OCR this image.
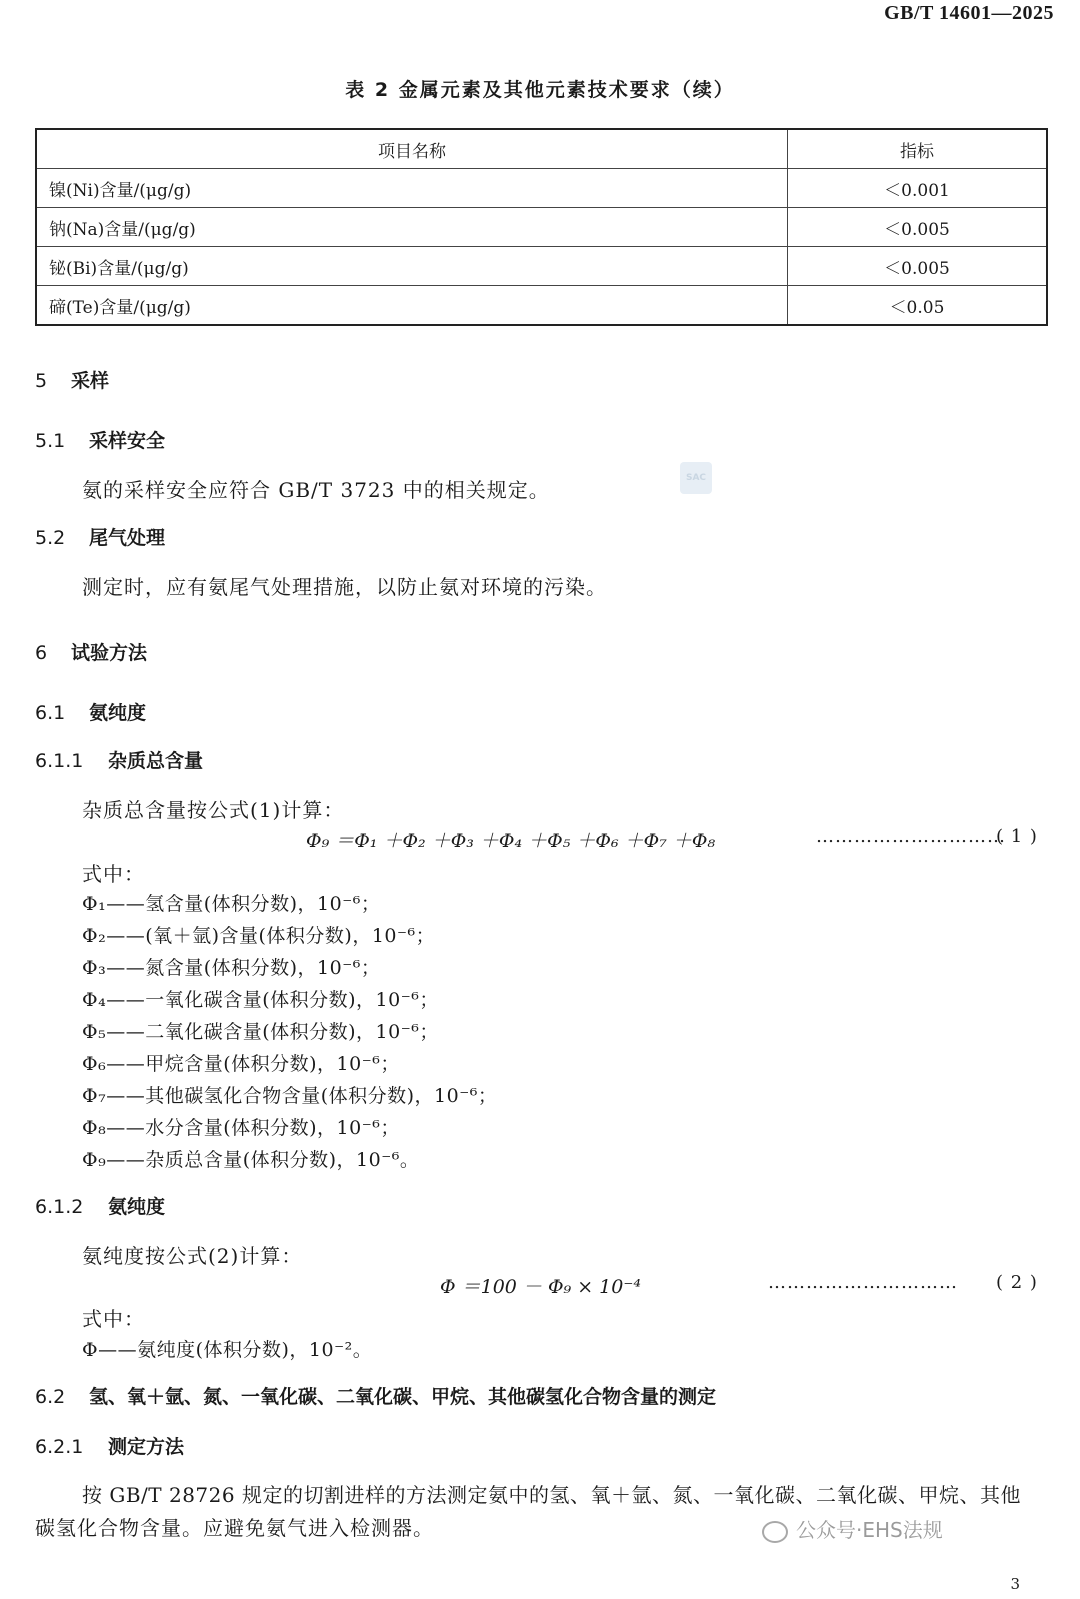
GB/T 14601—2025
表 2 金属元素及其他元素技术要求（续）
项目名称	指标
镍(Ni)含量/(μg/g)	＜0.001
钠(Na)含量/(μg/g)	＜0.005
铋(Bi)含量/(μg/g)	＜0.005
碲(Te)含量/(μg/g)	＜0.05
5 采样
5.1 采样安全
氨的采样安全应符合 GB/T 3723 中的相关规定。	SAC
5.2 尾气处理
测定时，应有氨尾气处理措施，以防止氨对环境的污染。
6 试验方法
6.1 氨纯度
6.1.1 杂质总含量
杂质总含量按公式(1)计算：
Φ₉ ＝Φ₁ ＋Φ₂ ＋Φ₃ ＋Φ₄ ＋Φ₅ ＋Φ₆ ＋Φ₇ ＋Φ₈	…………………………
( 1 )
式中：
Φ₁——氢含量(体积分数)，10⁻⁶；
Φ₂——(氧＋氩)含量(体积分数)，10⁻⁶；
Φ₃——氮含量(体积分数)，10⁻⁶；
Φ₄——一氧化碳含量(体积分数)，10⁻⁶；
Φ₅——二氧化碳含量(体积分数)，10⁻⁶；
Φ₆——甲烷含量(体积分数)，10⁻⁶；
Φ₇——其他碳氢化合物含量(体积分数)，10⁻⁶；
Φ₈——水分含量(体积分数)，10⁻⁶；
Φ₉——杂质总含量(体积分数)，10⁻⁶。
6.1.2 氨纯度
氨纯度按公式(2)计算：
Φ ＝100 － Φ₉ × 10⁻⁴	………………………… ( 2 )
式中：
Φ——氨纯度(体积分数)，10⁻²。
6.2 氢、氧＋氩、氮、一氧化碳、二氧化碳、甲烷、其他碳氢化合物含量的测定
6.2.1 测定方法
按 GB/T 28726 规定的切割进样的方法测定氨中的氢、氧＋氩、氮、一氧化碳、二氧化碳、甲烷、其他
碳氢化合物含量。应避免氨气进入检测器。	公众号·EHS法规
3
